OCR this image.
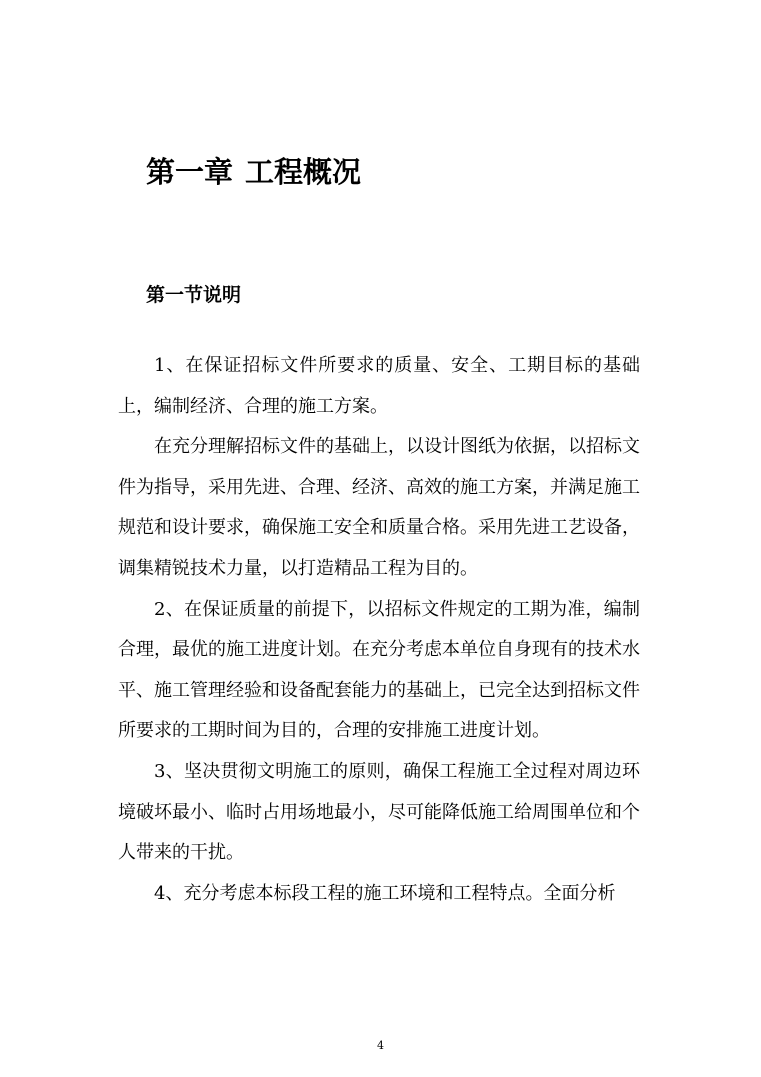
第一章 工程概况
第一节说明

1、在保证招标文件所要求的质量、安全、工期目标的基础上，编制经济、合理的施工方案。

在充分理解招标文件的基础上，以设计图纸为依据，以招标文件为指导，采用先进、合理、经济、高效的施工方案，并满足施工规范和设计要求，确保施工安全和质量合格。采用先进工艺设备，调集精锐技术力量，以打造精品工程为目的。

2、在保证质量的前提下，以招标文件规定的工期为准，编制合理，最优的施工进度计划。在充分考虑本单位自身现有的技术水平、施工管理经验和设备配套能力的基础上，已完全达到招标文件所要求的工期时间为目的，合理的安排施工进度计划。

3、坚决贯彻文明施工的原则，确保工程施工全过程对周边环境破坏最小、临时占用场地最小，尽可能降低施工给周围单位和个人带来的干扰。

4、充分考虑本标段工程的施工环境和工程特点。全面分析

4
